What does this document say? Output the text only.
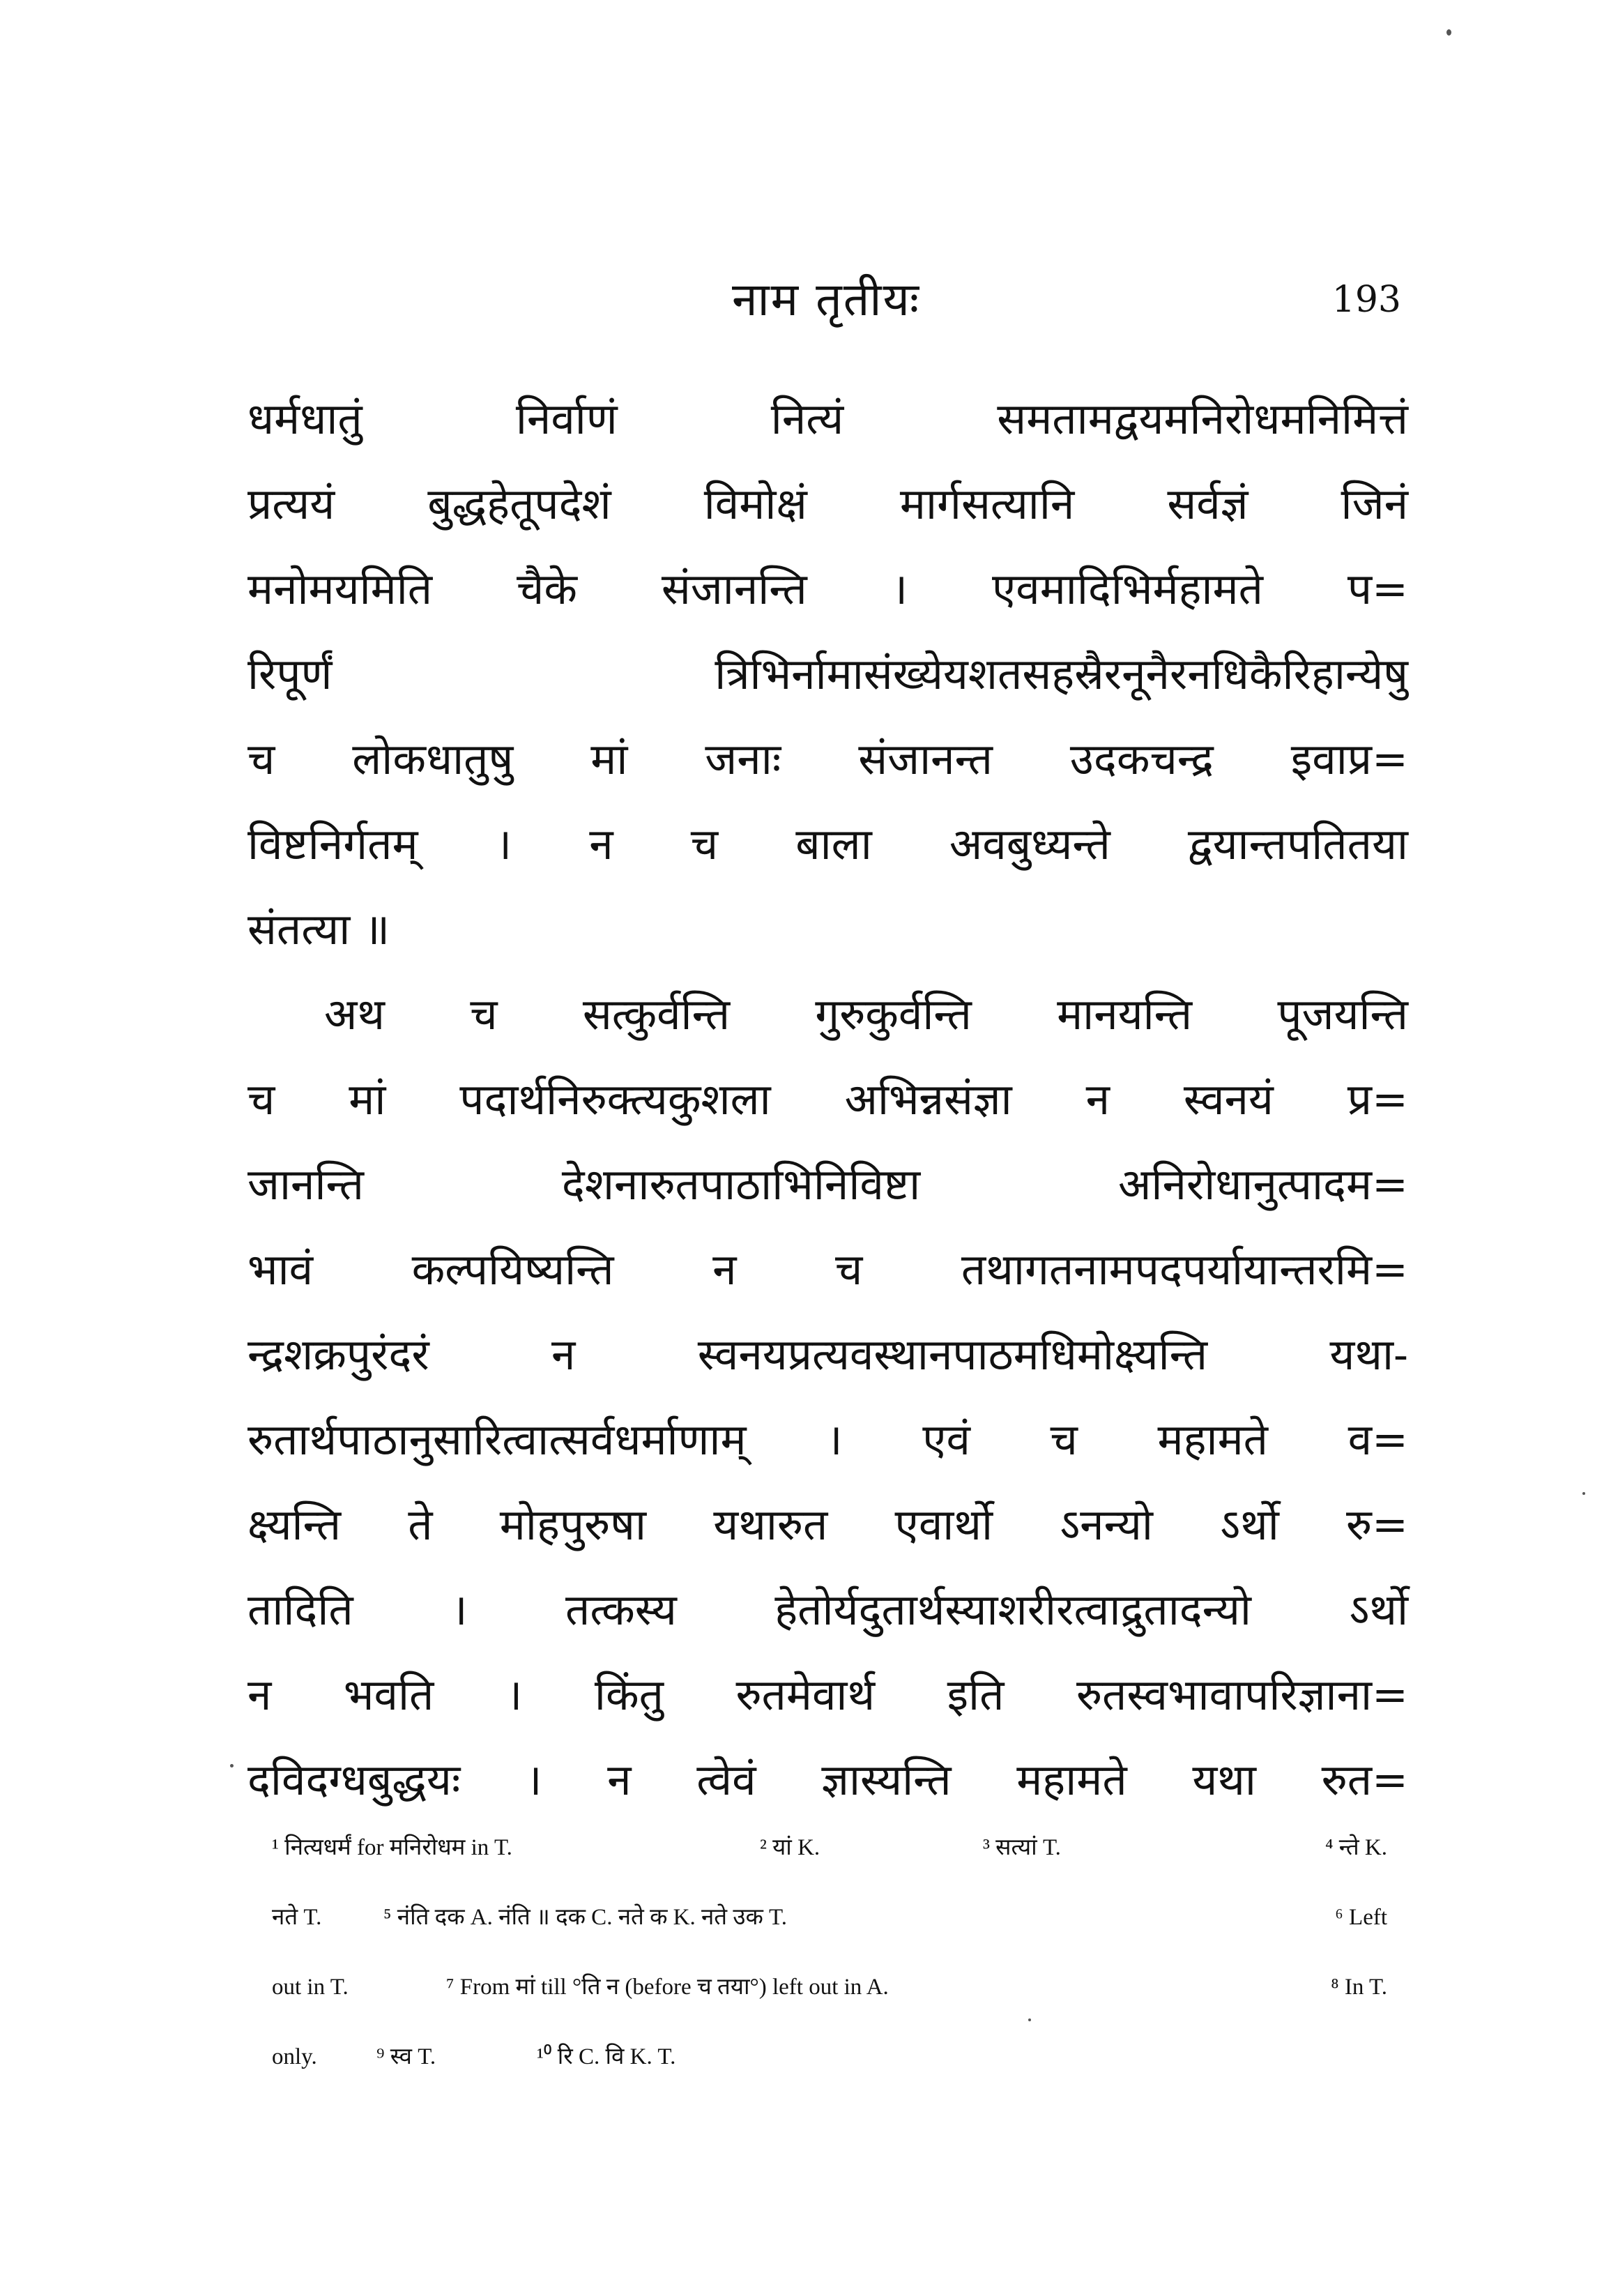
नाम तृतीयः	193
धर्मधातुं निर्वाणं नित्यं समतामद्वयमनिरोधमनिमित्तं
प्रत्ययं बुद्धहेतूपदेशं विमोक्षं मार्गसत्यानि सर्वज्ञं जिनं
मनोमयमिति चैके संजानन्ति । एवमादिभिर्महामते प=
रिपूर्णं त्रिभिर्नामासंख्येयशतसहस्रैरनूनैरनधिकैरिहान्येषु
च लोकधातुषु मां जनाः संजानन्त उदकचन्द्र इवाप्र=
विष्टनिर्गतम् । न च बाला अवबुध्यन्ते द्वयान्तपतितया
संतत्या ॥
अथ च सत्कुर्वन्ति गुरुकुर्वन्ति मानयन्ति पूजयन्ति
च मां पदार्थनिरुक्त्यकुशला अभिन्नसंज्ञा न स्वनयं प्र=
जानन्ति देशनारुतपाठाभिनिविष्टा अनिरोधानुत्पादम=
भावं कल्पयिष्यन्ति न च तथागतनामपदपर्यायान्तरमि=
न्द्रशक्रपुरंदरं न स्वनयप्रत्यवस्थानपाठमधिमोक्ष्यन्ति यथा-
रुतार्थपाठानुसारित्वात्सर्वधर्माणाम् । एवं च महामते व=
क्ष्यन्ति ते मोहपुरुषा यथारुत एवार्थो ऽनन्यो ऽर्थो रु=
तादिति । तत्कस्य हेतोर्यदुतार्थस्याशरीरत्वाद्रुतादन्यो ऽर्थो
न भवति । किंतु रुतमेवार्थ इति रुतस्वभावापरिज्ञाना=
दविदग्धबुद्धयः । न त्वेवं ज्ञास्यन्ति महामते यथा रुत=
¹ नित्यधर्मं for मनिरोधम in T.	² यां K.	³ सत्यां T.	⁴ न्ते K.
नते T.	⁵ नंति दक A. नंति ॥ दक C. नते क K. नते उक T.	⁶ Left
out in T.	⁷ From मां till °ति न (before च तया°) left out in A.	⁸ In T.
only.	⁹ स्व T.	¹⁰ रि C. वि K. T.
